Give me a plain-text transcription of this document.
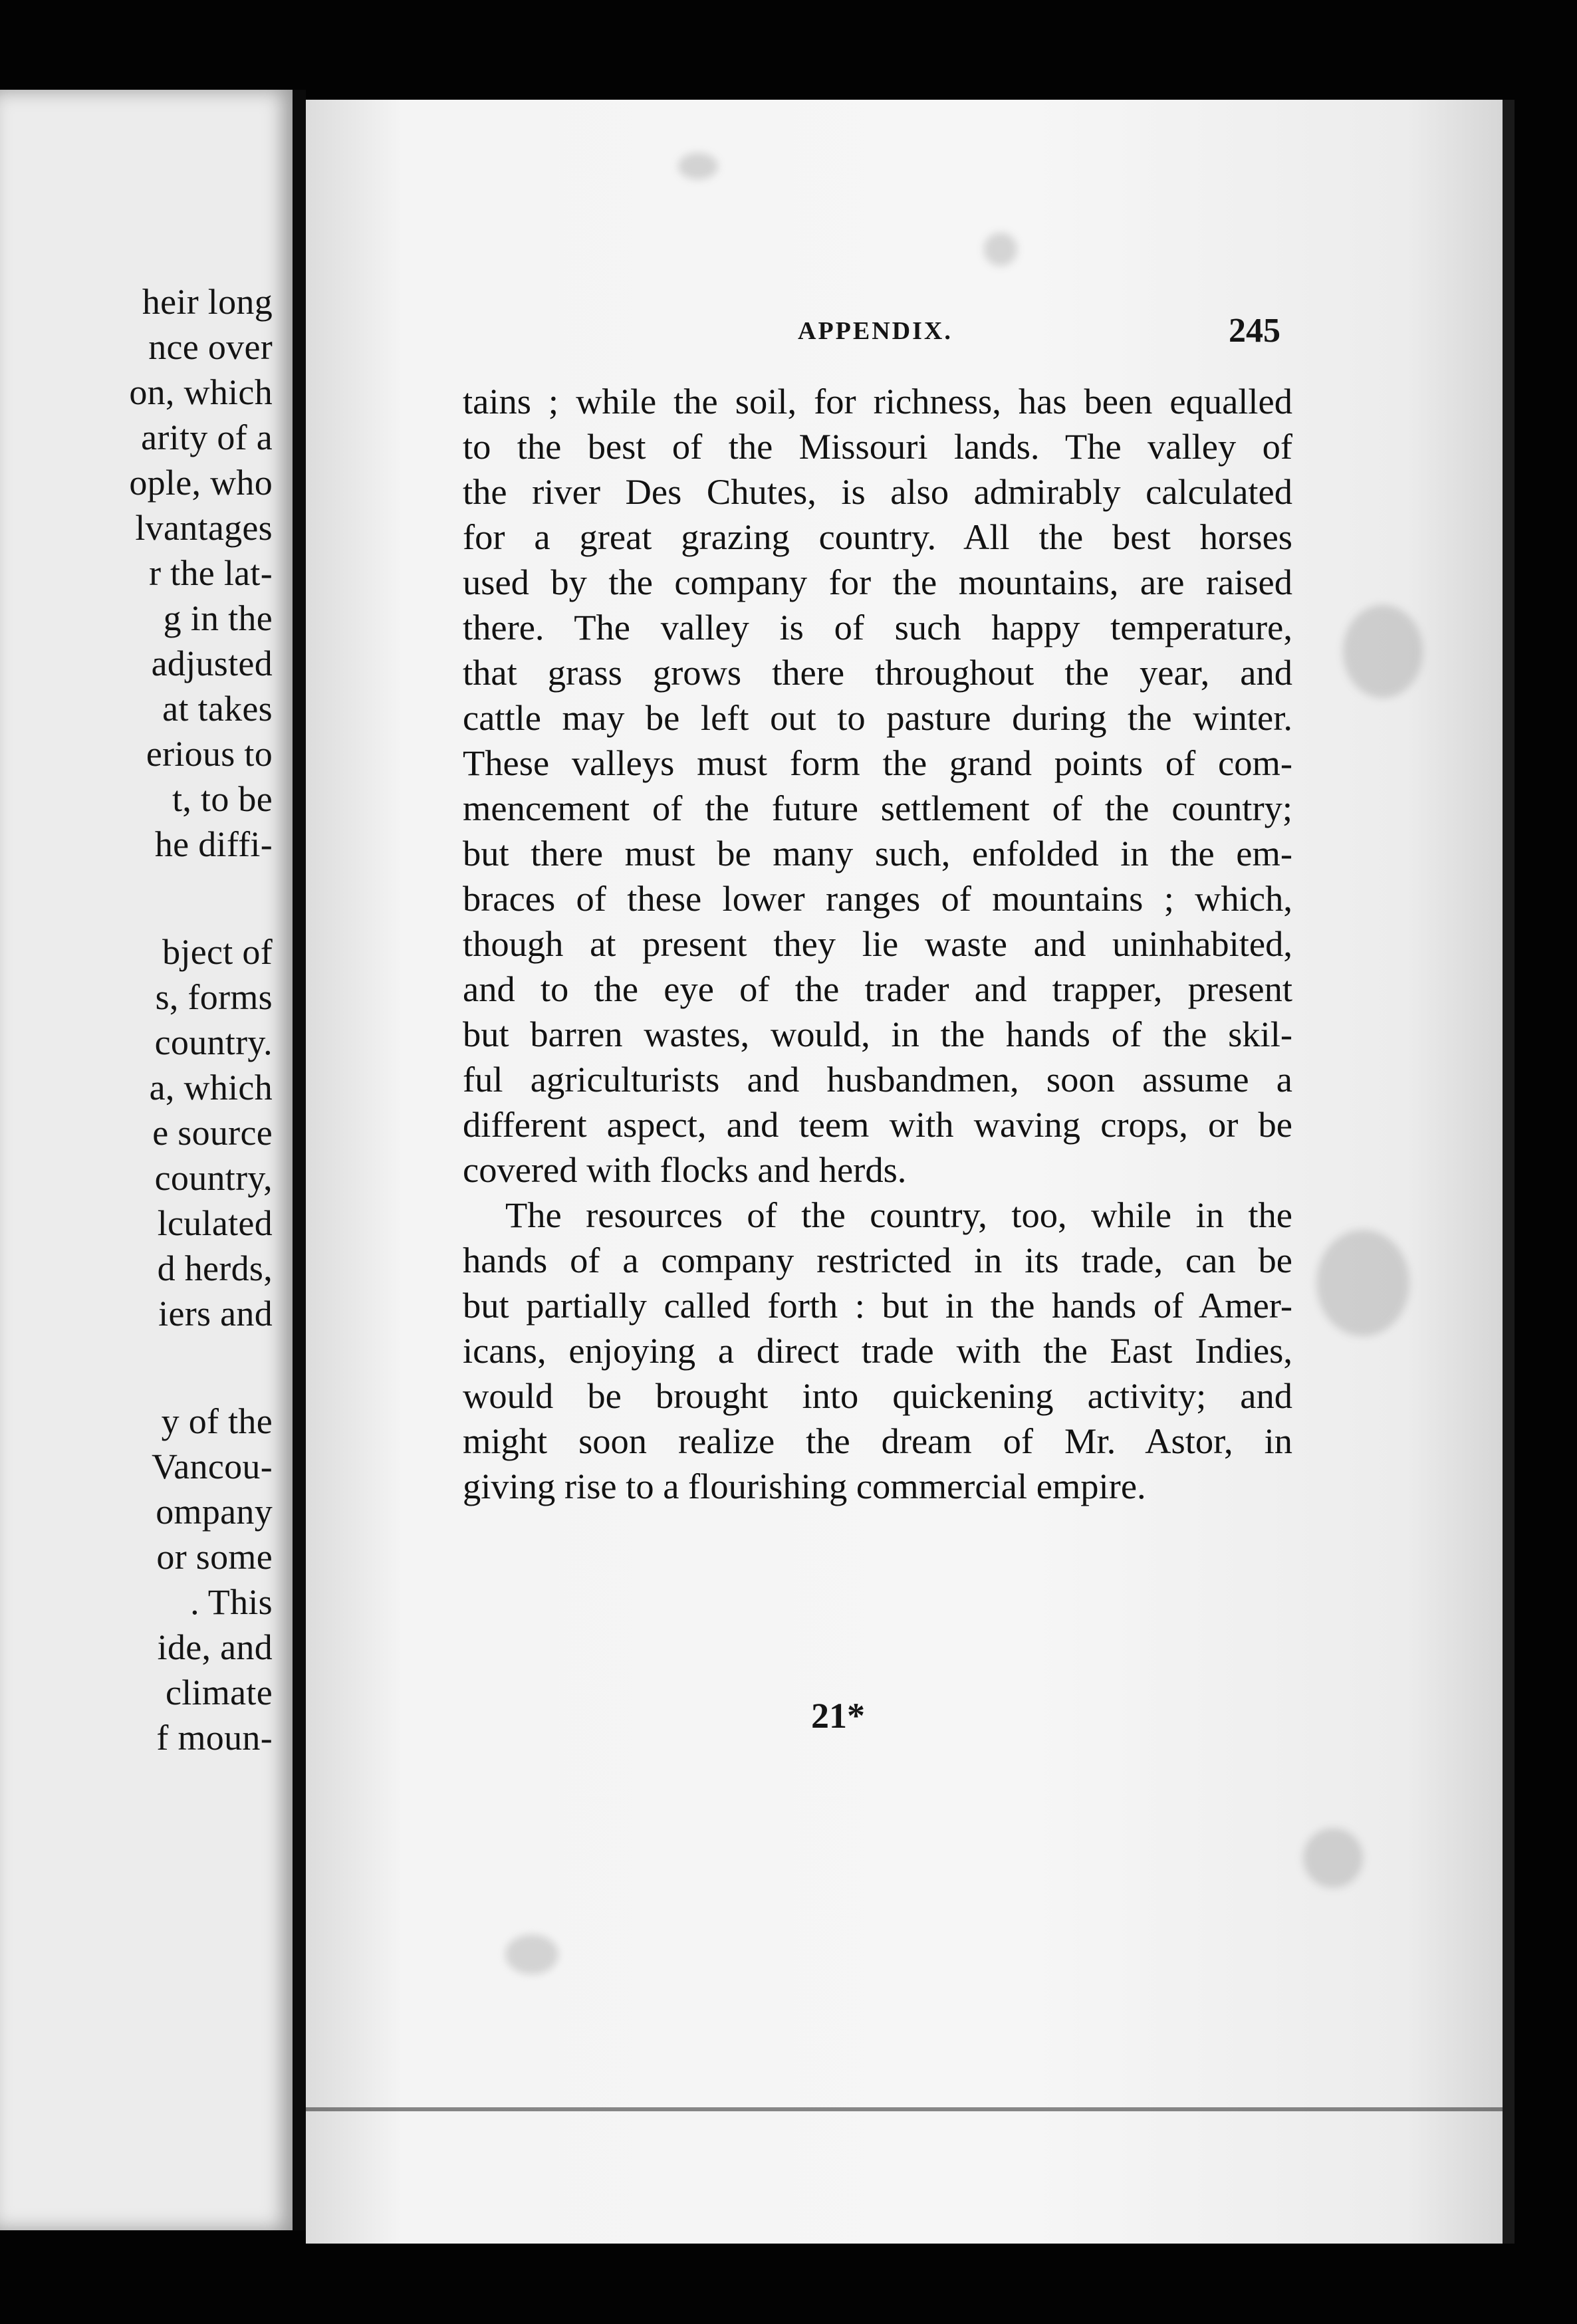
heir long
nce over
on, which
arity of a
ople, who
lvantages
r the lat-
g in the
adjusted
at takes
erious to
t, to be
he diffi-
bject of
s, forms
country.
a, which
e source
country,
lculated
d herds,
iers and
y of the
Vancou-
ompany
or some
. This
ide, and
climate
f moun-
APPENDIX.	245
tains ; while the soil, for richness, has been equalled
to the best of the Missouri lands. The valley of
the river Des Chutes, is also admirably calculated
for a great grazing country. All the best horses
used by the company for the mountains, are raised
there. The valley is of such happy temperature,
that grass grows there throughout the year, and
cattle may be left out to pasture during the winter.
These valleys must form the grand points of com-
mencement of the future settlement of the country;
but there must be many such, enfolded in the em-
braces of these lower ranges of mountains ; which,
though at present they lie waste and uninhabited,
and to the eye of the trader and trapper, present
but barren wastes, would, in the hands of the skil-
ful agriculturists and husbandmen, soon assume a
different aspect, and teem with waving crops, or be
covered with flocks and herds.
The resources of the country, too, while in the
hands of a company restricted in its trade, can be
but partially called forth : but in the hands of Amer-
icans, enjoying a direct trade with the East Indies,
would be brought into quickening activity; and
might soon realize the dream of Mr. Astor, in
giving rise to a flourishing commercial empire.
21*
